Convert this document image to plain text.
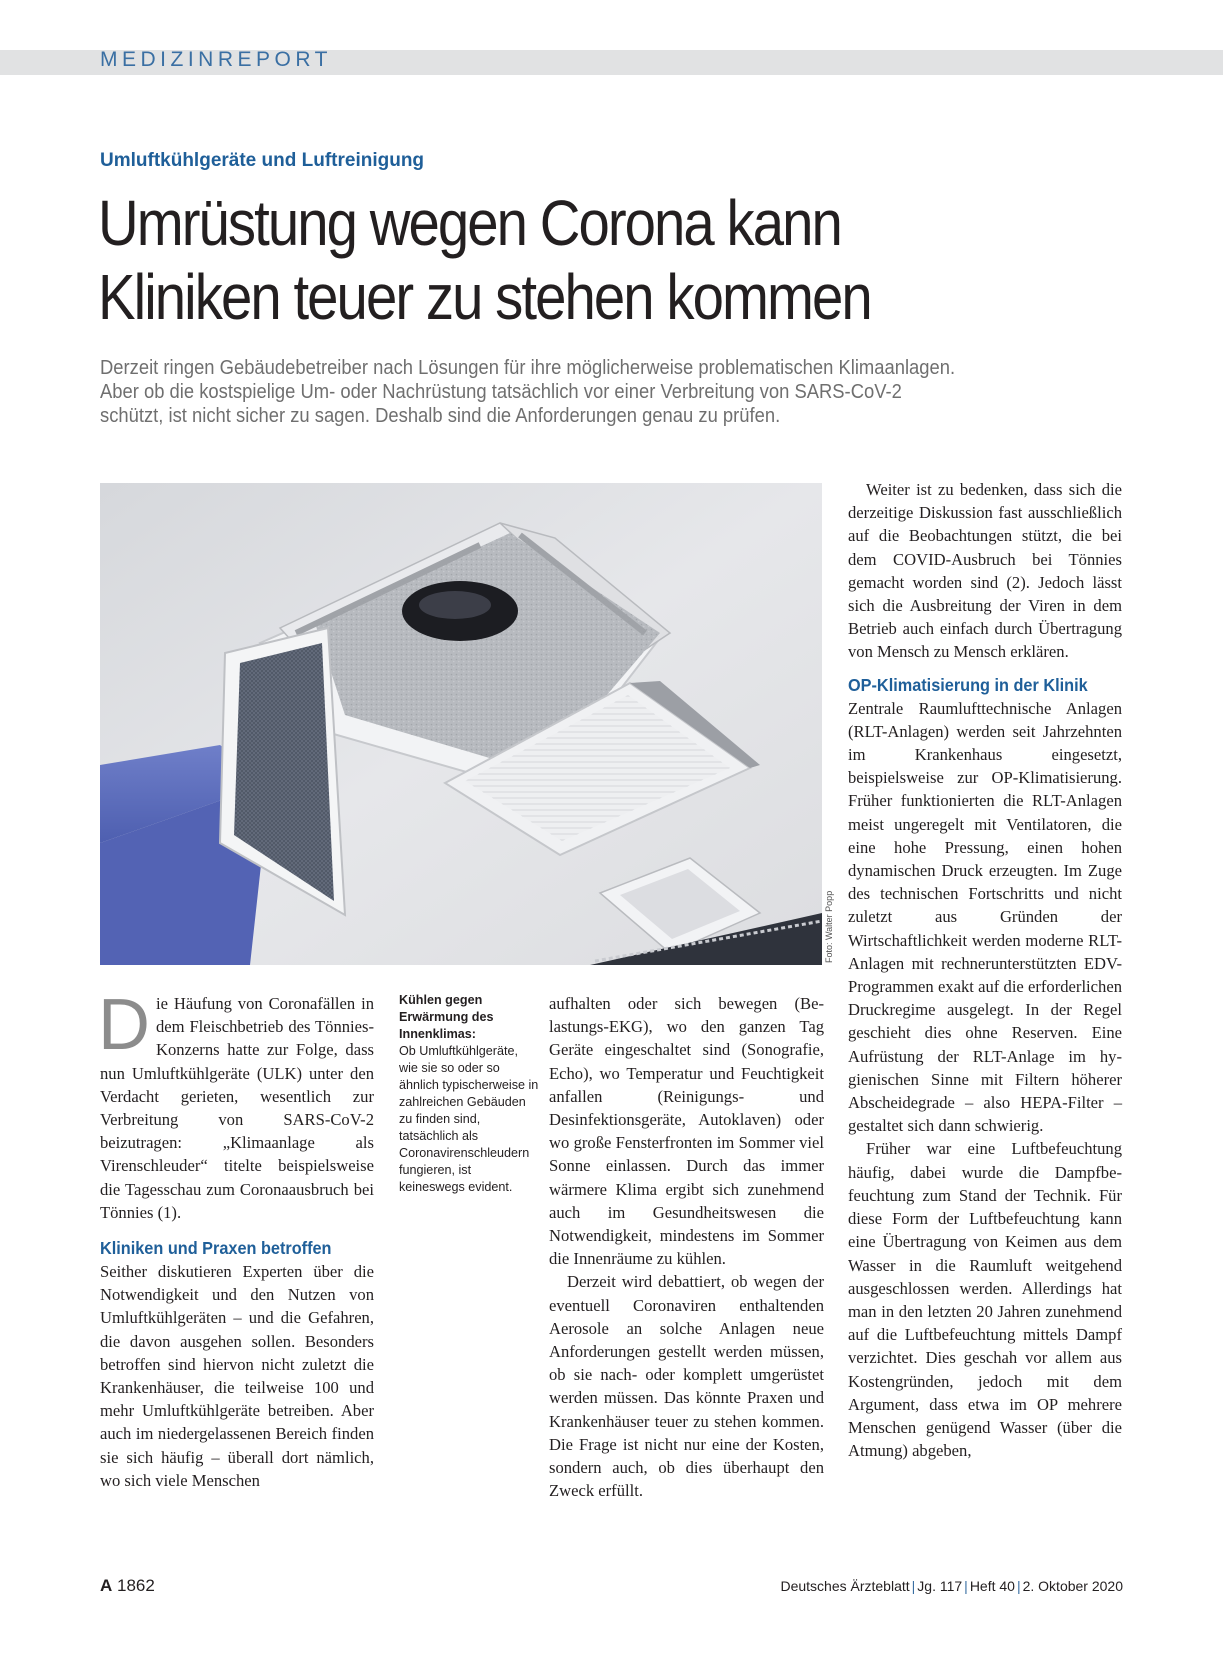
MEDIZINREPORT
Umluftkühlgeräte und Luftreinigung
Umrüstung wegen Corona kann
Kliniken teuer zu stehen kommen
Derzeit ringen Gebäudebetreiber nach Lösungen für ihre möglicherweise problematischen Klimaanlagen.
Aber ob die kostspielige Um- oder Nachrüstung tatsächlich vor einer Verbreitung von SARS-CoV-2
schützt, ist nicht sicher zu sagen. Deshalb sind die Anforderungen genau zu prüfen.
Foto: Walter Popp
D ie Häufung von Coronafällen in dem Fleischbetrieb des Tönnies-Konzerns hatte zur Folge, dass nun Umluftkühlgeräte (ULK) unter den Verdacht gerieten, wesentlich zur Verbreitung von SARS-CoV-2 beizutragen: „Klimaanlage als Virenschleuder“ titelte beispielsweise die Tagesschau zum Coronaausbruch bei Tönnies (1).

Kliniken und Praxen betroffen

Seither diskutieren Experten über die Notwendigkeit und den Nutzen von Umluftkühlgeräten – und die Gefahren, die davon ausgehen sollen. Besonders betroffen sind hiervon nicht zuletzt die Krankenhäuser, die teilweise 100 und mehr Umluftkühlgeräte betreiben. Aber auch im niedergelassenen Bereich finden sie sich häufig – überall dort nämlich, wo sich viele Menschen

Kühlen gegen Erwärmung des Innenklimas:
Ob Umluftkühlgeräte, wie sie so oder so ähnlich typischerweise in zahlreichen Gebäuden zu finden sind, tatsächlich als Coronavirenschleudern fungieren, ist keineswegs evident.

aufhalten oder sich bewegen (Belastungs-EKG), wo den ganzen Tag Geräte eingeschaltet sind (Sonografie, Echo), wo Temperatur und Feuchtigkeit anfallen (Reinigungs- und Desinfektionsgeräte, Autoklaven) oder wo große Fensterfronten im Sommer viel Sonne einlassen. Durch das immer wärmere Klima ergibt sich zunehmend auch im Gesundheitswesen die Notwendigkeit, mindestens im Sommer die Innenräume zu kühlen.

Derzeit wird debattiert, ob wegen der eventuell Coronaviren enthaltenden Aerosole an solche Anlagen neue Anforderungen gestellt werden müssen, ob sie nach- oder komplett umgerüstet werden müssen. Das könnte Praxen und Krankenhäuser teuer zu stehen kommen. Die Frage ist nicht nur eine der Kosten, sondern auch, ob dies überhaupt den Zweck erfüllt.

Weiter ist zu bedenken, dass sich die derzeitige Diskussion fast ausschließlich auf die Beobachtungen stützt, die bei dem COVID-Ausbruch bei Tönnies gemacht worden sind (2). Jedoch lässt sich die Ausbreitung der Viren in dem Betrieb auch einfach durch Übertragung von Mensch zu Mensch erklären.

OP-Klimatisierung in der Klinik

Zentrale Raumlufttechnische Anlagen (RLT-Anlagen) werden seit Jahrzehnten im Krankenhaus eingesetzt, beispielsweise zur OP-Klimatisierung. Früher funktionierten die RLT-Anlagen meist ungeregelt mit Ventilatoren, die eine hohe Pressung, einen hohen dynamischen Druck erzeugten. Im Zuge des technischen Fortschritts und nicht zuletzt aus Gründen der Wirtschaftlichkeit werden moderne RLT-Anlagen mit rechnerunterstützten EDV-Programmen exakt auf die erforderlichen Druckregime ausgelegt. In der Regel geschieht dies ohne Reserven. Eine Aufrüstung der RLT-Anlage im hygienischen Sinne mit Filtern höherer Abscheidegrade – also HEPA-Filter – gestaltet sich dann schwierig.

Früher war eine Luftbefeuchtung häufig, dabei wurde die Dampfbefeuchtung zum Stand der Technik. Für diese Form der Luftbefeuchtung kann eine Übertragung von Keimen aus dem Wasser in die Raumluft weitgehend ausgeschlossen werden. Allerdings hat man in den letzten 20 Jahren zunehmend auf die Luftbefeuchtung mittels Dampf verzichtet. Dies geschah vor allem aus Kostengründen, jedoch mit dem Argument, dass etwa im OP mehrere Menschen genügend Wasser (über die Atmung) abgeben,

A 1862	Deutsches Ärzteblatt | Jg. 117 | Heft 40 | 2. Oktober 2020
